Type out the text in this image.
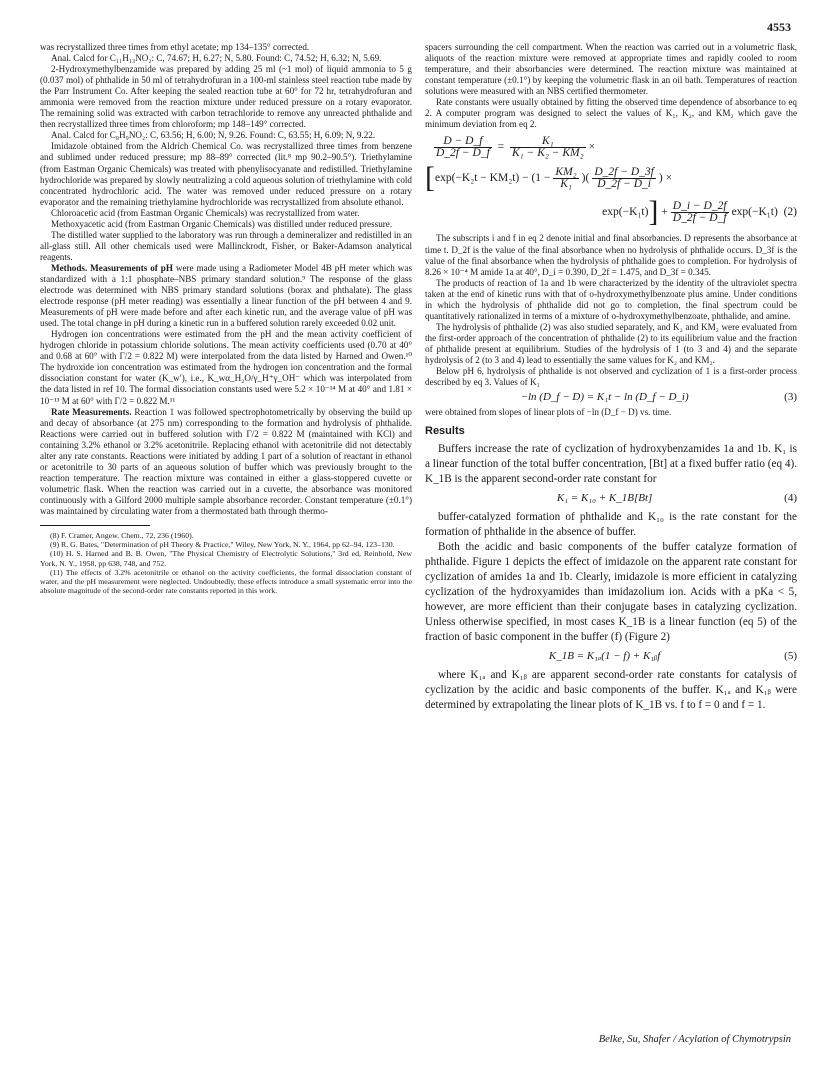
4553

was recrystallized three times from ethyl acetate; mp 134–135° corrected.

Anal. Calcd for C₁₁H₁₃NO₂: C, 74.67; H, 6.27; N, 5.80. Found: C, 74.52; H, 6.32; N, 5.69.

2-Hydroxymethylbenzamide was prepared by adding 25 ml (~1 mol) of liquid ammonia to 5 g (0.037 mol) of phthalide in 50 ml of tetrahydrofuran in a 100-ml stainless steel reaction tube made by the Parr Instrument Co. After keeping the sealed reaction tube at 60° for 72 hr, tetrahydrofuran and ammonia were removed from the reaction mixture under reduced pressure on a rotary evaporator. The remaining solid was extracted with carbon tetrachloride to remove any unreacted phthalide and then recrystallized three times from chloroform; mp 148–149° corrected.

Anal. Calcd for C₈H₉NO₂: C, 63.56; H, 6.00; N, 9.26. Found: C, 63.55; H, 6.09; N, 9.22.

Imidazole obtained from the Aldrich Chemical Co. was recrystallized three times from benzene and sublimed under reduced pressure; mp 88–89° corrected (lit.⁸ mp 90.2–90.5°). Triethylamine (from Eastman Organic Chemicals) was treated with phenylisocyanate and redistilled. Triethylamine hydrochloride was prepared by slowly neutralizing a cold aqueous solution of triethylamine with cold concentrated hydrochloric acid. The water was removed under reduced pressure on a rotary evaporator and the remaining triethylamine hydrochloride was recrystallized from absolute ethanol.

Chloroacetic acid (from Eastman Organic Chemicals) was recrystallized from water.

Methoxyacetic acid (from Eastman Organic Chemicals) was distilled under reduced pressure.

The distilled water supplied to the laboratory was run through a demineralizer and redistilled in an all-glass still. All other chemicals used were Mallinckrodt, Fisher, or Baker-Adamson analytical reagents.

Methods. Measurements of pH were made using a Radiometer Model 4B pH meter which was standardized with a 1:1 phosphate–NBS primary standard solution.⁹ The response of the glass electrode was determined with NBS primary standard solutions (borax and phthalate). The glass electrode response (pH meter reading) was essentially a linear function of the pH between 4 and 9. Measurements of pH were made before and after each kinetic run, and the average value of pH was used. The total change in pH during a kinetic run in a buffered solution rarely exceeded 0.02 unit.

Hydrogen ion concentrations were estimated from the pH and the mean activity coefficient of hydrogen chloride in potassium chloride solutions. The mean activity coefficients used (0.70 at 40° and 0.68 at 60° with Γ/2 = 0.822 M) were interpolated from the data listed by Harned and Owen.¹⁰ The hydroxide ion concentration was estimated from the hydrogen ion concentration and the formal dissociation constant for water (K_w′), i.e., K_wα_H₂O/γ_H⁺γ_OH⁻ which was interpolated from the data listed in ref 10. The formal dissociation constants used were 5.2 × 10⁻¹⁴ M at 40° and 1.81 × 10⁻¹³ M at 60° with Γ/2 = 0.822 M.¹¹

Rate Measurements. Reaction 1 was followed spectrophotometrically by observing the build up and decay of absorbance (at 275 nm) corresponding to the formation and hydrolysis of phthalide. Reactions were carried out in buffered solution with Γ/2 = 0.822 M (maintained with KCl) and containing 3.2% ethanol or 3.2% acetonitrile. Replacing ethanol with acetonitrile did not detectably alter any rate constants. Reactions were initiated by adding 1 part of a solution of reactant in ethanol or acetonitrile to 30 parts of an aqueous solution of buffer which was previously brought to the reaction temperature. The reaction mixture was contained in either a glass-stoppered cuvette or volumetric flask. When the reaction was carried out in a cuvette, the absorbance was monitored continuously with a Gilford 2000 multiple sample absorbance recorder. Constant temperature (±0.1°) was maintained by circulating water from a thermostated bath through thermo-

(8) F. Cramer, Angew. Chem., 72, 236 (1960).

(9) R. G. Bates, "Determination of pH Theory & Practice," Wiley, New York, N. Y., 1964, pp 62–94, 123–130.

(10) H. S. Harned and B. B. Owen, "The Physical Chemistry of Electrolytic Solutions," 3rd ed, Reinhold, New York, N. Y., 1958, pp 638, 748, and 752.

(11) The effects of 3.2% acetonitrile or ethanol on the activity coefficients, the formal dissociation constant of water, and the pH measurement were neglected. Undoubtedly, these effects introduce a small systematic error into the absolute magnitude of the second-order rate constants reported in this work.

spacers surrounding the cell compartment. When the reaction was carried out in a volumetric flask, aliquots of the reaction mixture were removed at appropriate times and rapidly cooled to room temperature, and their absorbancies were determined. The reaction mixture was maintained at constant temperature (±0.1°) by keeping the volumetric flask in an oil bath. Temperatures of reaction solutions were measured with an NBS certified thermometer.

Rate constants were usually obtained by fitting the observed time dependence of absorbance to eq 2. A computer program was designed to select the values of K₁, K₂, and KM₂ which gave the minimum deviation from eq 2.

$\frac{D - D\_f}{D\_2f - D\_f} = \frac{\text{K₁}}{\text{K₁ − K₂ − KM₂}}$ ×
[ exp(−K₂t − KM₂t) −
($1 - \frac{\text{KM₂}}{\text{K₁}}$ ) ( $\frac{D\_2f - D\_3f}{D\_2f - D\_i}$ )
×
exp(−K₁t) ]
+ $\frac{D\_i - D\_2f}{D\_2f - D\_f} \exp(-K_1t)$
(2)

The subscripts i and f in eq 2 denote initial and final absorbancies. D represents the absorbance at time t. D_2f is the value of the final absorbance when no hydrolysis of phthalide occurs. D_3f is the value of the final absorbance when the hydrolysis of phthalide goes to completion. For hydrolysis of 8.26 × 10⁻⁴ M amide 1a at 40°, D_i = 0.390, D_2f = 1.475, and D_3f = 0.345.

The products of reaction of 1a and 1b were characterized by the identity of the ultraviolet spectra taken at the end of kinetic runs with that of o-hydroxymethylbenzoate plus amine. Under conditions in which the hydrolysis of phthalide did not go to completion, the final spectrum could be quantitatively rationalized in terms of a mixture of o-hydroxymethylbenzoate, phthalide, and amine.

The hydrolysis of phthalide (2) was also studied separately, and K₂ and KM₂ were evaluated from the first-order approach of the concentration of phthalide (2) to its equilibrium value and the fraction of phthalide present at equilibrium. Studies of the hydrolysis of 1 (to 3 and 4) and the separate hydrolysis of 2 (to 3 and 4) lead to essentially the same values for K₂ and KM₂.

Below pH 6, hydrolysis of phthalide is not observed and cyclization of 1 is a first-order process described by eq 3. Values of K₁

−ln (D_f − D) = K₁t − ln (D_f − D_i)	(3)

were obtained from slopes of linear plots of −ln (D_f − D) vs. time.

Results

Buffers increase the rate of cyclization of hydroxybenzamides 1a and 1b. K₁ is a linear function of the total buffer concentration, [Bt] at a fixed buffer ratio (eq 4). K_1B is the apparent second-order rate constant for

K₁ = K₁₀ + K_1B[Bt]	(4)

buffer-catalyzed formation of phthalide and K₁₀ is the rate constant for the formation of phthalide in the absence of buffer.

Both the acidic and basic components of the buffer catalyze formation of phthalide. Figure 1 depicts the effect of imidazole on the apparent rate constant for cyclization of amides 1a and 1b. Clearly, imidazole is more efficient in catalyzing cyclization of the hydroxyamides than imidazolium ion. Acids with a pKa < 5, however, are more efficient than their conjugate bases in catalyzing cyclization. Unless otherwise specified, in most cases K_1B is a linear function (eq 5) of the fraction of basic component in the buffer (f) (Figure 2)

K_1B = K₁ₐ(1 − f) + K₁ᵦf	(5)

where K₁ₐ and K₁ᵦ are apparent second-order rate constants for catalysis of cyclization by the acidic and basic components of the buffer. K₁ₐ and K₁ᵦ were determined by extrapolating the linear plots of K_1B vs. f to f = 0 and f = 1.

Belke, Su, Shafer / Acylation of Chymotrypsin
